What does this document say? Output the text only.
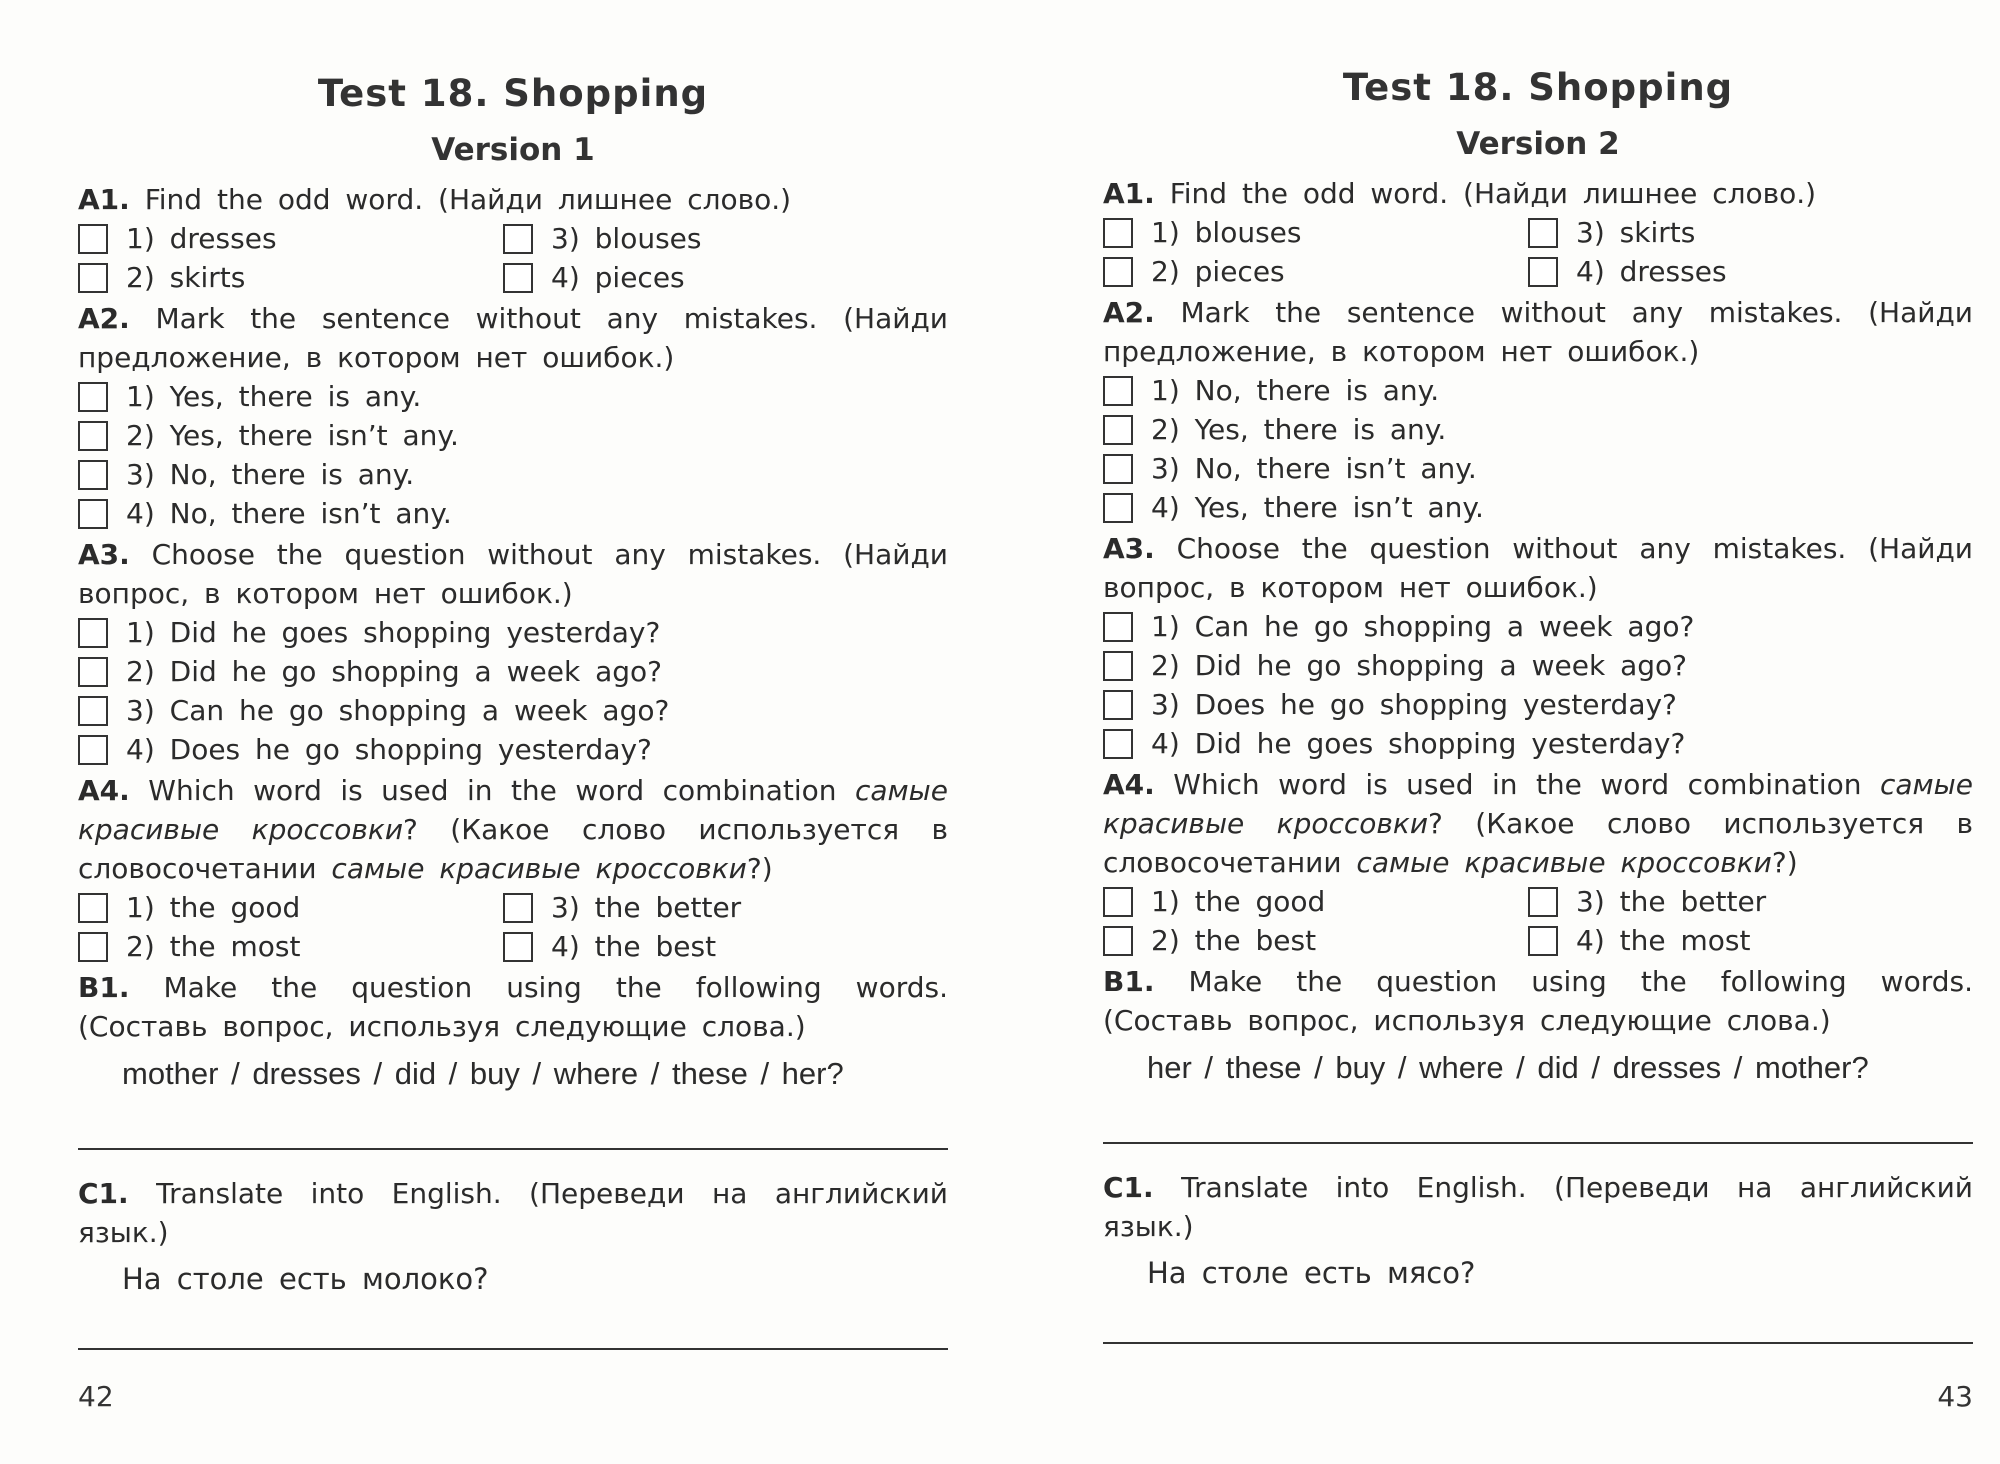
Test 18. Shopping
Version 1
A1. Find the odd word. (Найди лишнее слово.)
1) dresses	3) blouses
2) skirts	4) pieces
A2. Mark the sentence without any mistakes. (Найди предложение, в котором нет ошибок.)
1) Yes, there is any.
2) Yes, there isn’t any.
3) No, there is any.
4) No, there isn’t any.
A3. Choose the question without any mistakes. (Найди вопрос, в котором нет ошибок.)
1) Did he goes shopping yesterday?
2) Did he go shopping a week ago?
3) Can he go shopping a week ago?
4) Does he go shopping yesterday?
A4. Which word is used in the word combination самые красивые кроссовки? (Какое слово используется в словосочетании самые красивые кроссовки?)
1) the good	3) the better
2) the most	4) the best
B1. Make the question using the following words. (Составь вопрос, используя следующие слова.)
mother / dresses / did / buy / where / these / her?
C1. Translate into English. (Переведи на английский язык.)
На столе есть молоко?
42
Test 18. Shopping
Version 2
A1. Find the odd word. (Найди лишнее слово.)
1) blouses	3) skirts
2) pieces	4) dresses
A2. Mark the sentence without any mistakes. (Найди предложение, в котором нет ошибок.)
1) No, there is any.
2) Yes, there is any.
3) No, there isn’t any.
4) Yes, there isn’t any.
A3. Choose the question without any mistakes. (Найди вопрос, в котором нет ошибок.)
1) Can he go shopping a week ago?
2) Did he go shopping a week ago?
3) Does he go shopping yesterday?
4) Did he goes shopping yesterday?
A4. Which word is used in the word combination самые красивые кроссовки? (Какое слово используется в словосочетании самые красивые кроссовки?)
1) the good	3) the better
2) the best	4) the most
B1. Make the question using the following words. (Составь вопрос, используя следующие слова.)
her / these / buy / where / did / dresses / mother?
C1. Translate into English. (Переведи на английский язык.)
На столе есть мясо?
43
